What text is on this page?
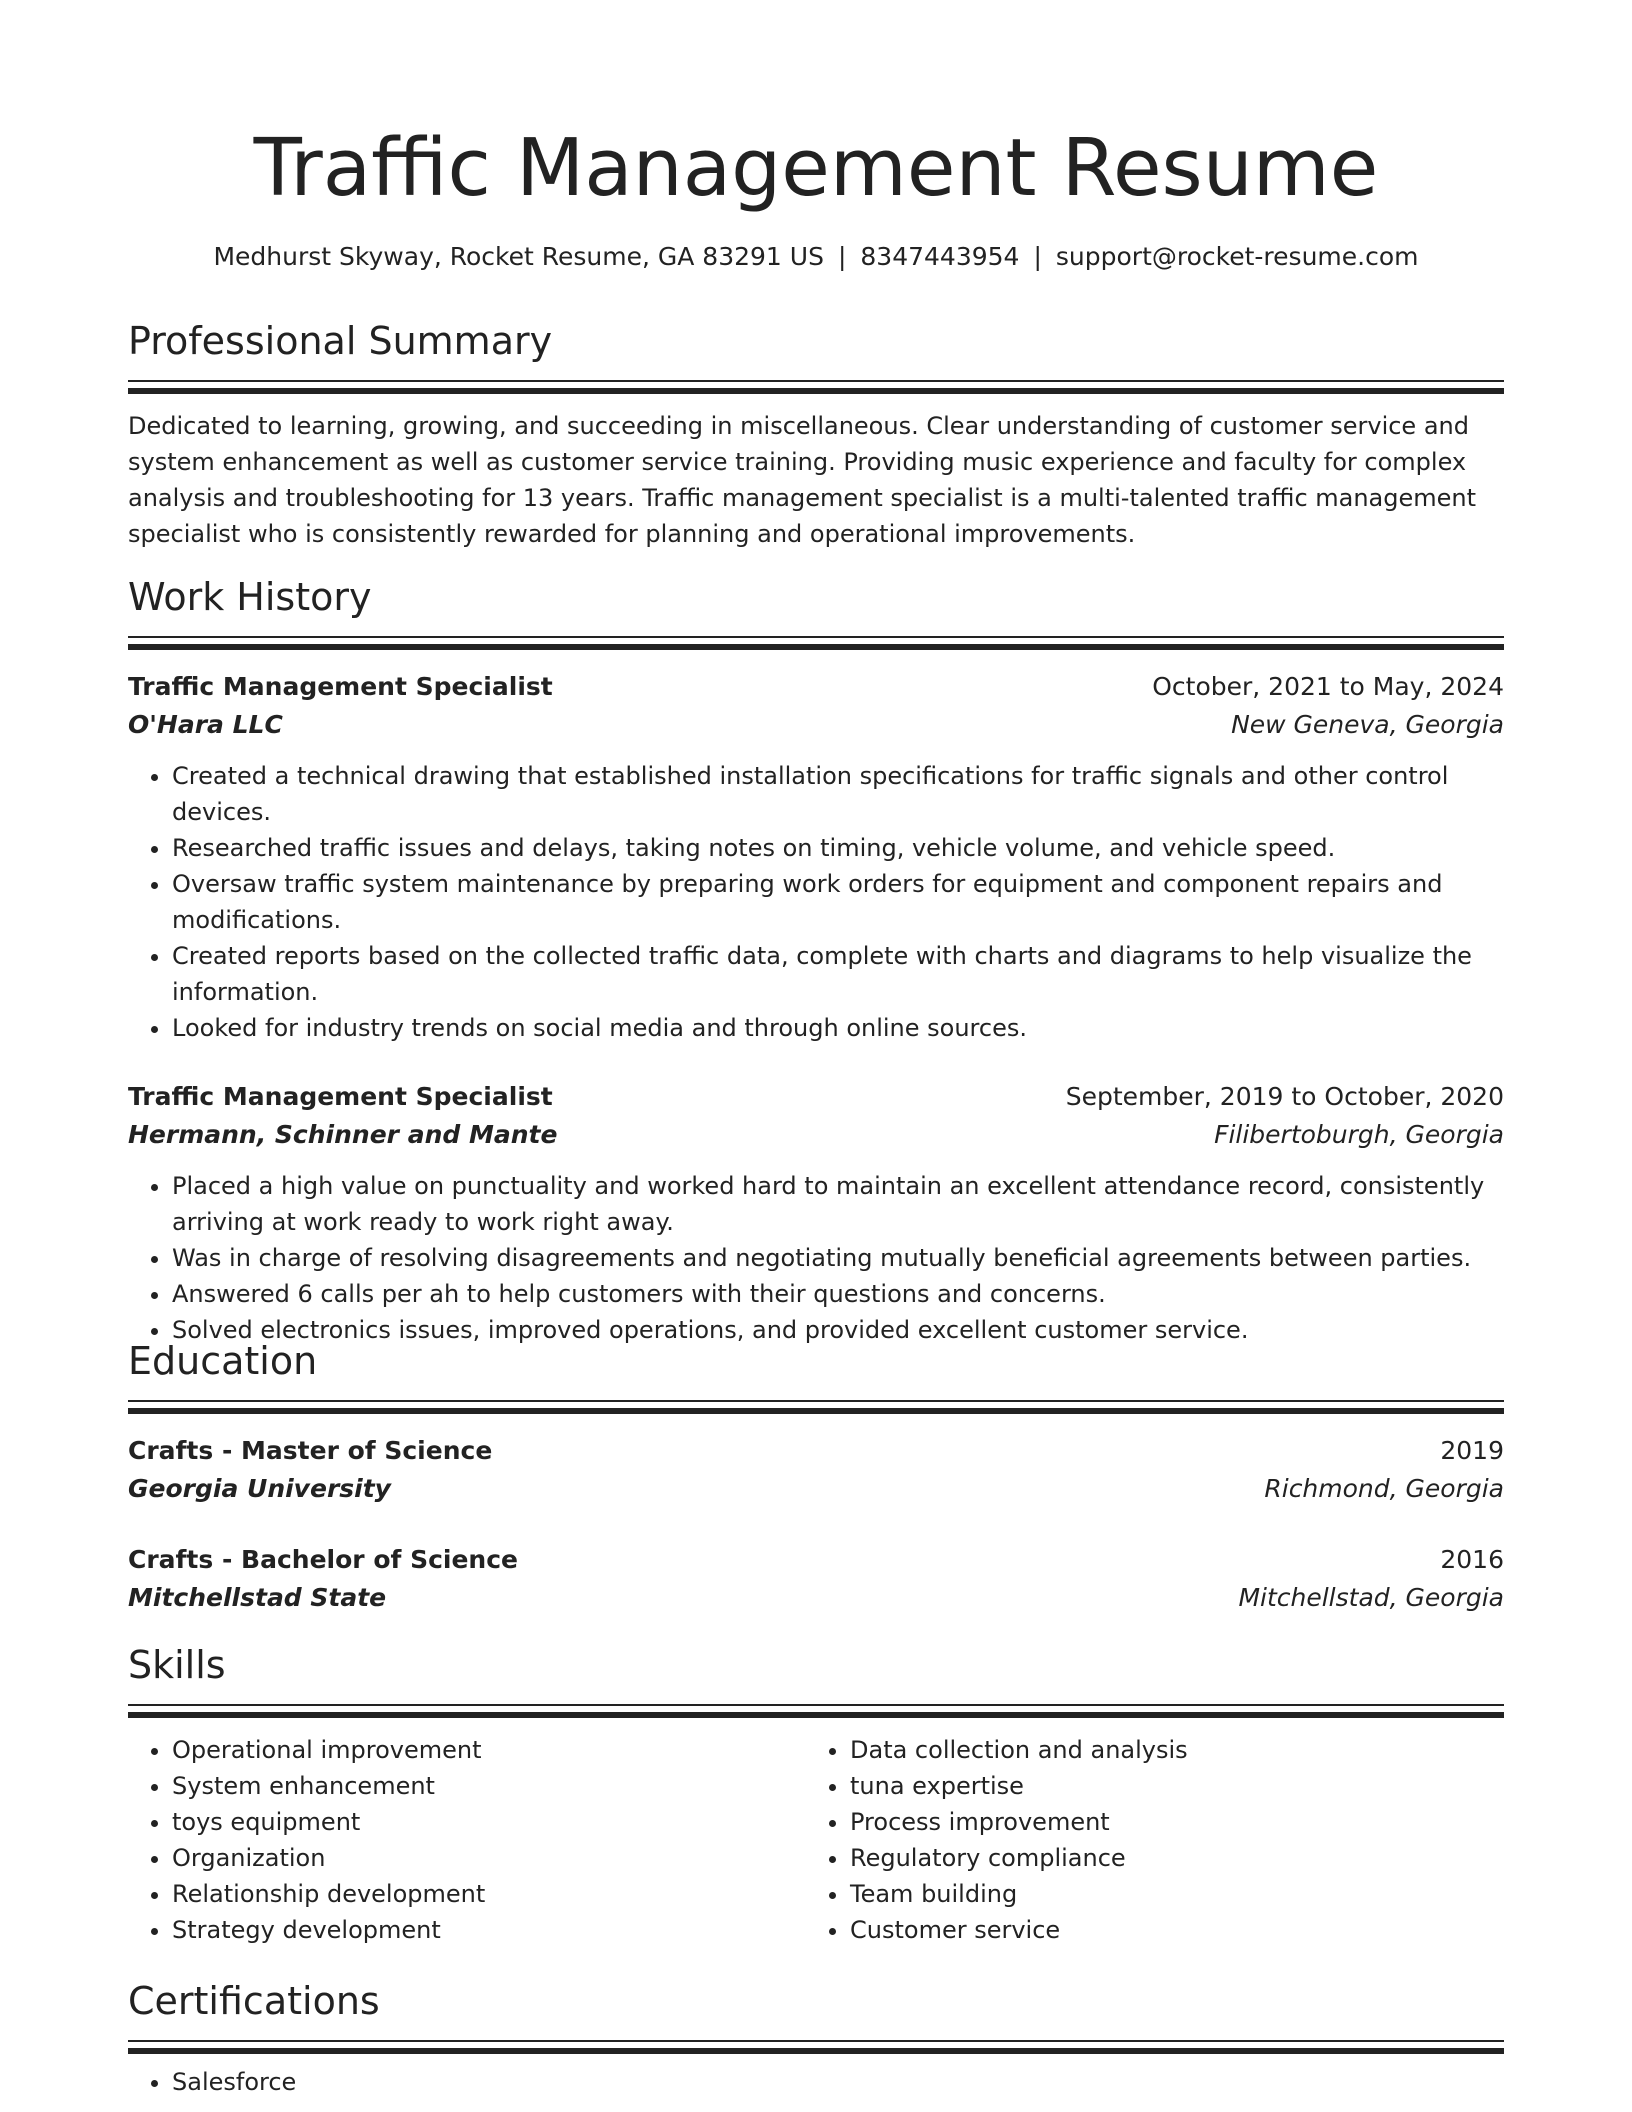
Traffic Management Resume
Medhurst Skyway, Rocket Resume, GA 83291 US | 8347443954 | support@rocket-resume.com
Professional Summary

Dedicated to learning, growing, and succeeding in miscellaneous. Clear understanding of customer service and system enhancement as well as customer service training. Providing music experience and faculty for complex analysis and troubleshooting for 13 years. Traffic management specialist is a multi-talented traffic management specialist who is consistently rewarded for planning and operational improvements.

Work History
Traffic Management Specialist	October, 2021 to May, 2024
O'Hara LLC	New Geneva, Georgia
• Created a technical drawing that established installation specifications for traffic signals and other control devices.
• Researched traffic issues and delays, taking notes on timing, vehicle volume, and vehicle speed.
• Oversaw traffic system maintenance by preparing work orders for equipment and component repairs and modifications.
• Created reports based on the collected traffic data, complete with charts and diagrams to help visualize the information.
• Looked for industry trends on social media and through online sources.
Traffic Management Specialist	September, 2019 to October, 2020
Hermann, Schinner and Mante	Filibertoburgh, Georgia
• Placed a high value on punctuality and worked hard to maintain an excellent attendance record, consistently arriving at work ready to work right away.
• Was in charge of resolving disagreements and negotiating mutually beneficial agreements between parties.
• Answered 6 calls per ah to help customers with their questions and concerns.
• Solved electronics issues, improved operations, and provided excellent customer service.
Education
Crafts - Master of Science	2019
Georgia University	Richmond, Georgia
Crafts - Bachelor of Science	2016
Mitchellstad State	Mitchellstad, Georgia
Skills
• Operational improvement
• System enhancement
• toys equipment
• Organization
• Relationship development
• Strategy development
• Data collection and analysis
• tuna expertise
• Process improvement
• Regulatory compliance
• Team building
• Customer service
Certifications
• Salesforce
